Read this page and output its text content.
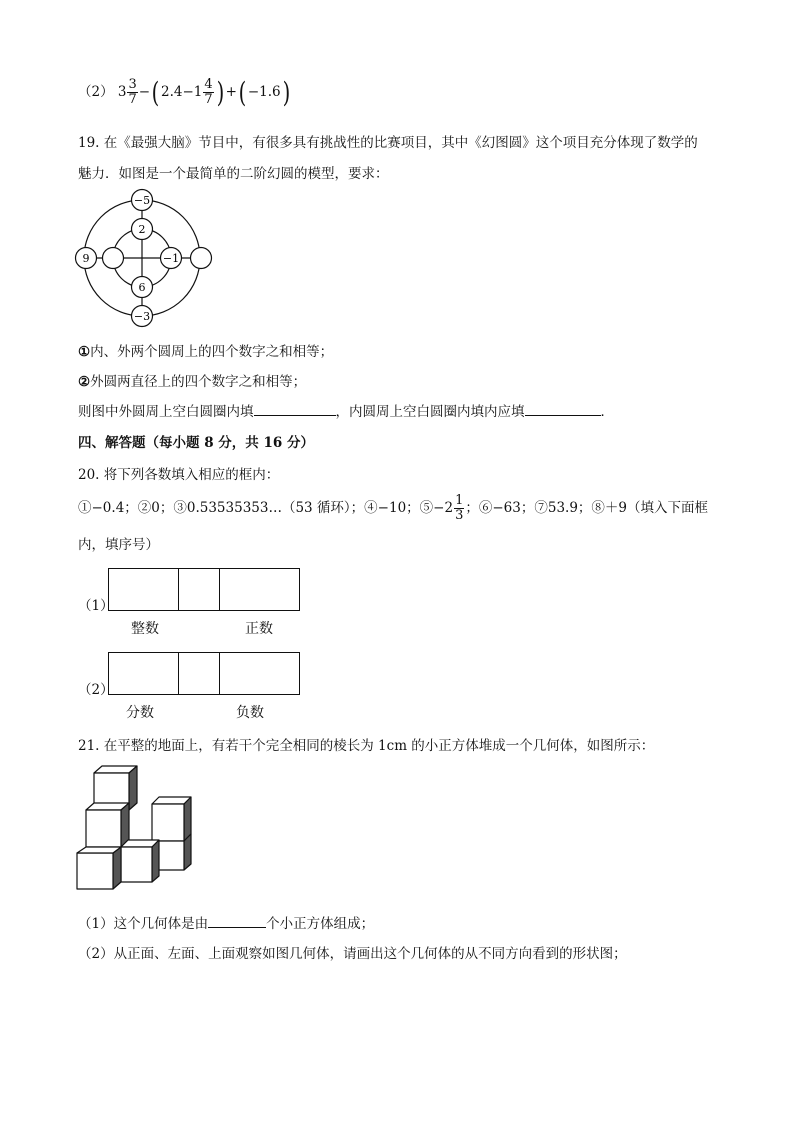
（2） $3 \frac{3}{7}$ −( $2.4-1 \frac{4}{7}$ ) +( −1.6)
19. 在《最强大脑》节目中，有很多具有挑战性的比赛项目，其中《幻图圆》这个项目充分体现了数学的
魅力．如图是一个最简单的二阶幻圆的模型，要求：
−5
2
9	−1
6
−3
①内、外两个圆周上的四个数字之和相等；
②外圆两直径上的四个数字之和相等；
则图中外圆周上空白圆圈内填	，内圆周上空白圆圈内填内应填	．
四、解答题（每小题 8 分，共 16 分）
20. 将下列各数填入相应的框内：
①−0.4；②0；③0.53535353…（53 循环）；④−10；⑤−2 $\frac{1}{3}$ ；⑥−63；⑦53.9；⑧＋9（填入下面框
内，填序号）
（1）
整数	正数
（2）
分数	负数
21. 在平整的地面上，有若干个完全相同的棱长为 1cm 的小正方体堆成一个几何体，如图所示：
（1）这个几何体是由	个小正方体组成；
（2）从正面、左面、上面观察如图几何体，请画出这个几何体的从不同方向看到的形状图；
